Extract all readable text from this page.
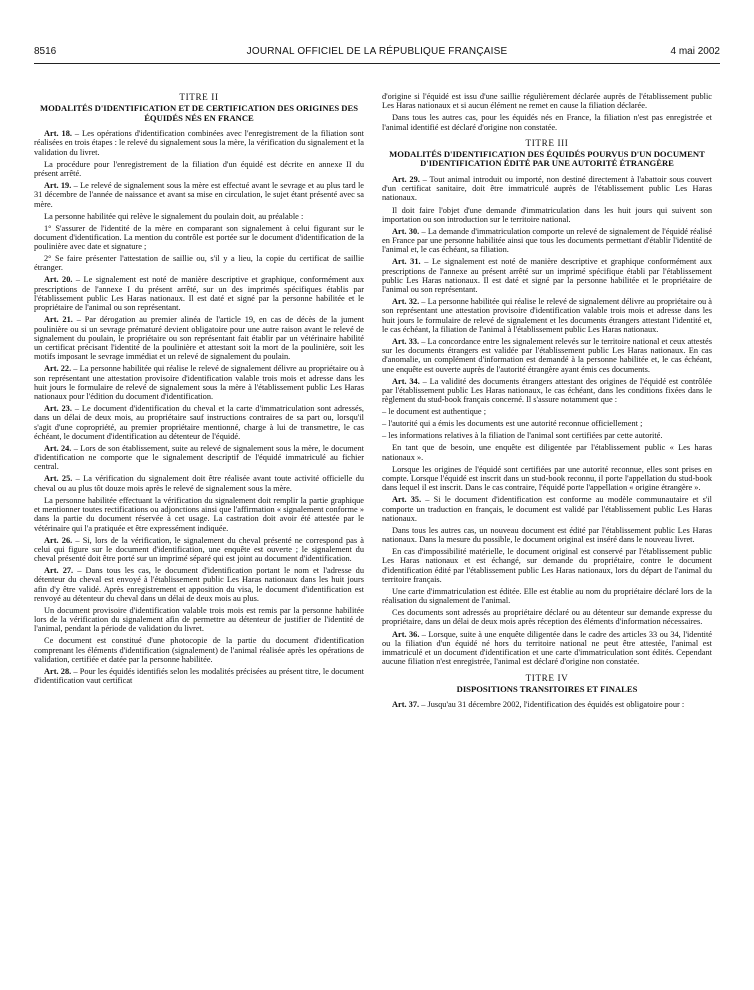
8516	JOURNAL OFFICIEL DE LA RÉPUBLIQUE FRANÇAISE	4 mai 2002
TITRE II
MODALITÉS D'IDENTIFICATION ET DE CERTIFICATION DES ORIGINES DES ÉQUIDÉS NÉS EN FRANCE

Art. 18. – Les opérations d'identification combinées avec l'enregistrement de la filiation sont réalisées en trois étapes : le relevé du signalement sous la mère, la vérification du signalement et la validation du livret.

La procédure pour l'enregistrement de la filiation d'un équidé est décrite en annexe II du présent arrêté.

Art. 19. – Le relevé de signalement sous la mère est effectué avant le sevrage et au plus tard le 31 décembre de l'année de naissance et avant sa mise en circulation, le sujet étant présenté avec sa mère.

La personne habilitée qui relève le signalement du poulain doit, au préalable :

1° S'assurer de l'identité de la mère en comparant son signalement à celui figurant sur le document d'identification. La mention du contrôle est portée sur le document d'identification de la poulinière avec date et signature ;

2° Se faire présenter l'attestation de saillie ou, s'il y a lieu, la copie du certificat de saillie étranger.

Art. 20. – Le signalement est noté de manière descriptive et graphique, conformément aux prescriptions de l'annexe I du présent arrêté, sur un des imprimés spécifiques établis par l'établissement public Les Haras nationaux. Il est daté et signé par la personne habilitée et le propriétaire de l'animal ou son représentant.

Art. 21. – Par dérogation au premier alinéa de l'article 19, en cas de décès de la jument poulinière ou si un sevrage prématuré devient obligatoire pour une autre raison avant le relevé de signalement du poulain, le propriétaire ou son représentant fait établir par un vétérinaire habilité un certificat précisant l'identité de la poulinière et attestant soit la mort de la poulinière, soit les motifs imposant le sevrage immédiat et un relevé de signalement du poulain.

Art. 22. – La personne habilitée qui réalise le relevé de signalement délivre au propriétaire ou à son représentant une attestation provisoire d'identification valable trois mois et adresse dans les huit jours le formulaire de relevé de signalement sous la mère à l'établissement public Les Haras nationaux pour l'édition du document d'identification.

Art. 23. – Le document d'identification du cheval et la carte d'immatriculation sont adressés, dans un délai de deux mois, au propriétaire sauf instructions contraires de sa part ou, lorsqu'il s'agit d'une copropriété, au premier propriétaire mentionné, charge à lui de transmettre, le cas échéant, le document d'identification au détenteur de l'équidé.

Art. 24. – Lors de son établissement, suite au relevé de signalement sous la mère, le document d'identification ne comporte que le signalement descriptif de l'équidé immatriculé au fichier central.

Art. 25. – La vérification du signalement doit être réalisée avant toute activité officielle du cheval ou au plus tôt douze mois après le relevé de signalement sous la mère.

La personne habilitée effectuant la vérification du signalement doit remplir la partie graphique et mentionner toutes rectifications ou adjonctions ainsi que l'affirmation « signalement conforme » dans la partie du document réservée à cet usage. La castration doit avoir été attestée par le vétérinaire qui l'a pratiquée et être expressément indiquée.

Art. 26. – Si, lors de la vérification, le signalement du cheval présenté ne correspond pas à celui qui figure sur le document d'identification, une enquête est ouverte ; le signalement du cheval présenté doit être porté sur un imprimé séparé qui est joint au document d'identification.

Art. 27. – Dans tous les cas, le document d'identification portant le nom et l'adresse du détenteur du cheval est envoyé à l'établissement public Les Haras nationaux dans les huit jours afin d'y être validé. Après enregistrement et apposition du visa, le document d'identification est renvoyé au détenteur du cheval dans un délai de deux mois au plus.

Un document provisoire d'identification valable trois mois est remis par la personne habilitée lors de la vérification du signalement afin de permettre au détenteur de justifier de l'identité de l'animal, pendant la période de validation du livret.

Ce document est constitué d'une photocopie de la partie du document d'identification comprenant les éléments d'identification (signalement) de l'animal réalisée après les opérations de validation, certifiée et datée par la personne habilitée.

Art. 28. – Pour les équidés identifiés selon les modalités précisées au présent titre, le document d'identification vaut certificat

d'origine si l'équidé est issu d'une saillie régulièrement déclarée auprès de l'établissement public Les Haras nationaux et si aucun élément ne remet en cause la filiation déclarée.

Dans tous les autres cas, pour les équidés nés en France, la filiation n'est pas enregistrée et l'animal identifié est déclaré d'origine non constatée.

TITRE III
MODALITÉS D'IDENTIFICATION DES ÉQUIDÉS POURVUS D'UN DOCUMENT D'IDENTIFICATION ÉDITÉ PAR UNE AUTORITÉ ÉTRANGÈRE

Art. 29. – Tout animal introduit ou importé, non destiné directement à l'abattoir sous couvert d'un certificat sanitaire, doit être immatriculé auprès de l'établissement public Les Haras nationaux.

Il doit faire l'objet d'une demande d'immatriculation dans les huit jours qui suivent son importation ou son introduction sur le territoire national.

Art. 30. – La demande d'immatriculation comporte un relevé de signalement de l'équidé réalisé en France par une personne habilitée ainsi que tous les documents permettant d'établir l'identité de l'animal et, le cas échéant, sa filiation.

Art. 31. – Le signalement est noté de manière descriptive et graphique conformément aux prescriptions de l'annexe au présent arrêté sur un imprimé spécifique établi par l'établissement public Les Haras nationaux. Il est daté et signé par la personne habilitée et le propriétaire de l'animal ou son représentant.

Art. 32. – La personne habilitée qui réalise le relevé de signalement délivre au propriétaire ou à son représentant une attestation provisoire d'identification valable trois mois et adresse dans les huit jours le formulaire de relevé de signalement et les documents étrangers attestant l'identité et, le cas échéant, la filiation de l'animal à l'établissement public Les Haras nationaux.

Art. 33. – La concordance entre les signalement relevés sur le territoire national et ceux attestés sur les documents étrangers est validée par l'établissement public Les Haras nationaux. En cas d'anomalie, un complément d'information est demandé à la personne habilitée et, le cas échéant, une enquête est ouverte auprès de l'autorité étrangère ayant émis ces documents.

Art. 34. – La validité des documents étrangers attestant des origines de l'équidé est contrôlée par l'établissement public Les Haras nationaux, le cas échéant, dans les conditions fixées dans le règlement du stud-book français concerné. Il s'assure notamment que :

– le document est authentique ;

– l'autorité qui a émis les documents est une autorité reconnue officiellement ;

– les informations relatives à la filiation de l'animal sont certifiées par cette autorité.

En tant que de besoin, une enquête est diligentée par l'établissement public « Les haras nationaux ».

Lorsque les origines de l'équidé sont certifiées par une autorité reconnue, elles sont prises en compte. Lorsque l'équidé est inscrit dans un stud-book reconnu, il porte l'appellation du stud-book dans lequel il est inscrit. Dans le cas contraire, l'équidé porte l'appellation « origine étrangère ».

Art. 35. – Si le document d'identification est conforme au modèle communautaire et s'il comporte un traduction en français, le document est validé par l'établissement public Les Haras nationaux.

Dans tous les autres cas, un nouveau document est édité par l'établissement public Les Haras nationaux. Dans la mesure du possible, le document original est inséré dans le nouveau livret.

En cas d'impossibilité matérielle, le document original est conservé par l'établissement public Les Haras nationaux et est échangé, sur demande du propriétaire, contre le document d'identification édité par l'établissement public Les Haras nationaux, lors du départ de l'animal du territoire français.

Une carte d'immatriculation est éditée. Elle est établie au nom du propriétaire déclaré lors de la réalisation du signalement de l'animal.

Ces documents sont adressés au propriétaire déclaré ou au détenteur sur demande expresse du propriétaire, dans un délai de deux mois après réception des éléments d'information nécessaires.

Art. 36. – Lorsque, suite à une enquête diligentée dans le cadre des articles 33 ou 34, l'identité ou la filiation d'un équidé né hors du territoire national ne peut être attestée, l'animal est immatriculé et un document d'identification et une carte d'immatriculation sont édités. Cependant aucune filiation n'est enregistrée, l'animal est déclaré d'origine non constatée.

TITRE IV
DISPOSITIONS TRANSITOIRES ET FINALES

Art. 37. – Jusqu'au 31 décembre 2002, l'identification des équidés est obligatoire pour :
